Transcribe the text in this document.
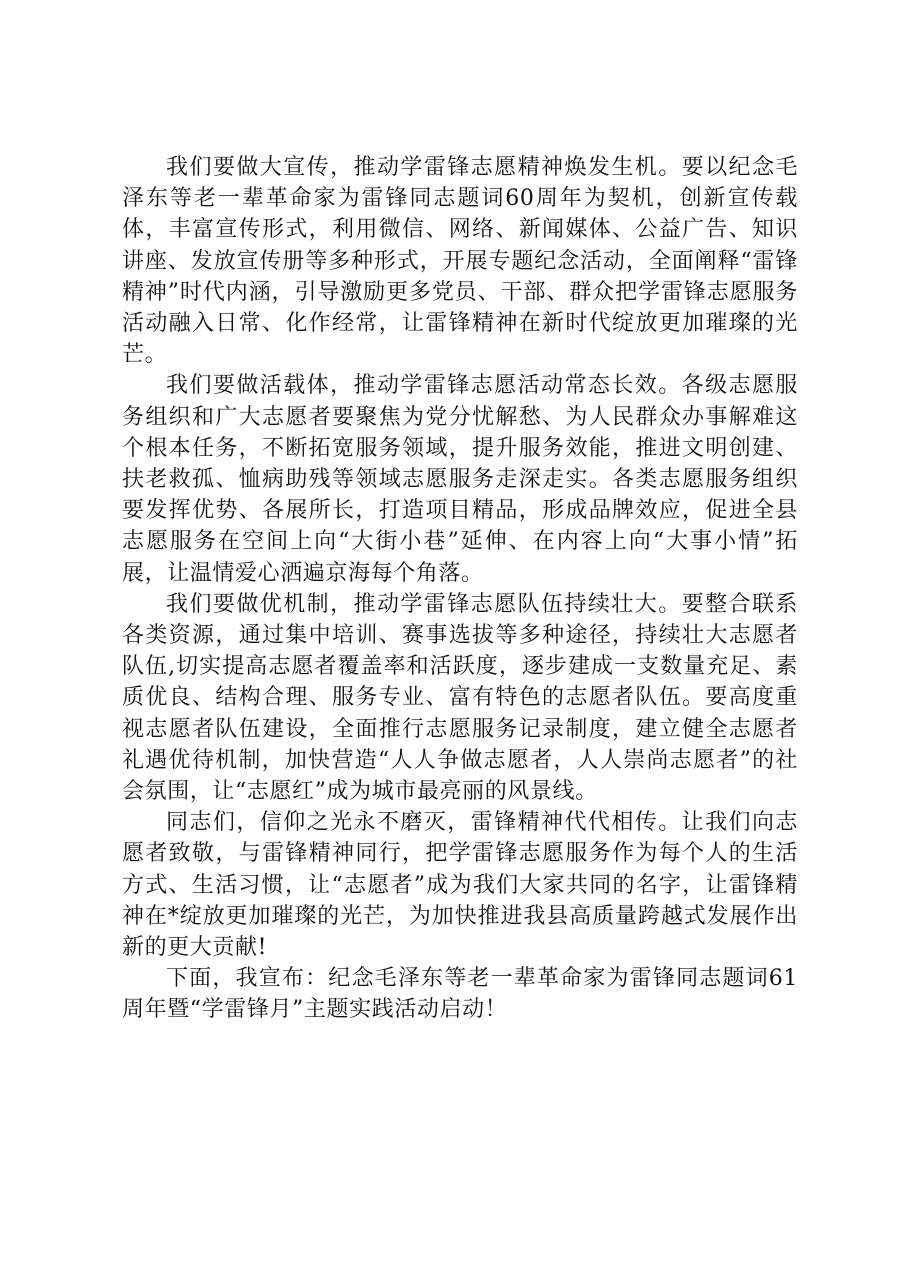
我们要做大宣传，推动学雷锋志愿精神焕发生机。要以纪念毛泽东等老一辈革命家为雷锋同志题词60周年为契机，创新宣传载体，丰富宣传形式，利用微信、网络、新闻媒体、公益广告、知识讲座、发放宣传册等多种形式，开展专题纪念活动，全面阐释“雷锋精神”时代内涵，引导激励更多党员、干部、群众把学雷锋志愿服务活动融入日常、化作经常，让雷锋精神在新时代绽放更加璀璨的光芒。

我们要做活载体，推动学雷锋志愿活动常态长效。各级志愿服务组织和广大志愿者要聚焦为党分忧解愁、为人民群众办事解难这个根本任务，不断拓宽服务领域，提升服务效能，推进文明创建、扶老救孤、恤病助残等领域志愿服务走深走实。各类志愿服务组织要发挥优势、各展所长，打造项目精品，形成品牌效应，促进全县志愿服务在空间上向“大街小巷”延伸、在内容上向“大事小情”拓展，让温情爱心洒遍京海每个角落。

我们要做优机制，推动学雷锋志愿队伍持续壮大。要整合联系各类资源，通过集中培训、赛事选拔等多种途径，持续壮大志愿者队伍,切实提高志愿者覆盖率和活跃度，逐步建成一支数量充足、素质优良、结构合理、服务专业、富有特色的志愿者队伍。要高度重视志愿者队伍建设，全面推行志愿服务记录制度，建立健全志愿者礼遇优待机制，加快营造“人人争做志愿者，人人崇尚志愿者”的社会氛围，让“志愿红”成为城市最亮丽的风景线。

同志们，信仰之光永不磨灭，雷锋精神代代相传。让我们向志愿者致敬，与雷锋精神同行，把学雷锋志愿服务作为每个人的生活方式、生活习惯，让“志愿者”成为我们大家共同的名字，让雷锋精神在*绽放更加璀璨的光芒，为加快推进我县高质量跨越式发展作出新的更大贡献!

下面，我宣布：纪念毛泽东等老一辈革命家为雷锋同志题词61周年暨“学雷锋月”主题实践活动启动！
